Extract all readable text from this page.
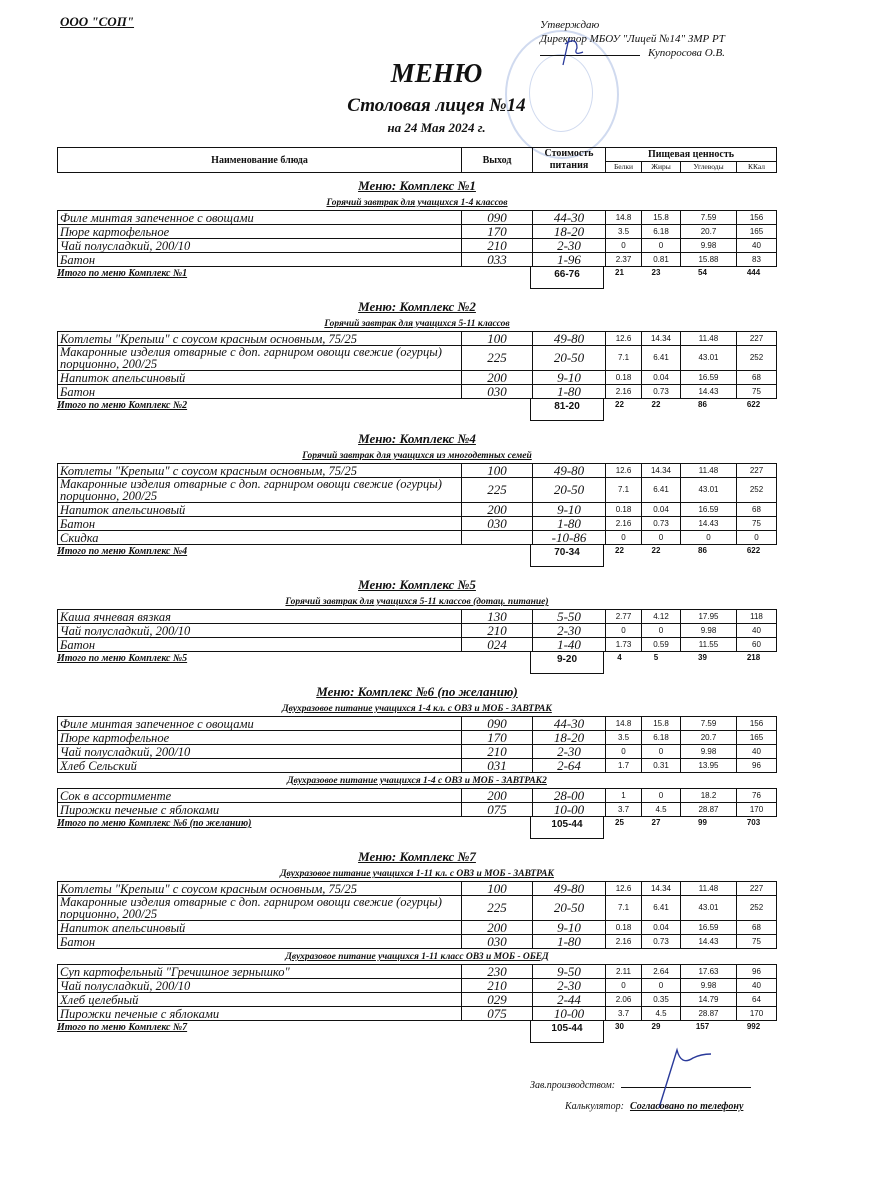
ООО "СОП"	Утверждаю
Директор МБОУ "Лицей №14" ЗМР РТ
Купоросова О.В.
МЕНЮ
Столовая лицея №14
на 24 Мая 2024 г.
Наименование блюда	Выход	Стоимость питания	Пищевая ценность			
			Белки	Жиры	Углеводы	ККал
Меню: Комплекс №1
Горячий завтрак для учащихся 1-4 классов
Филе минтая запеченное с овощами	090	44-30	14.8	15.8	7.59	156
Пюре картофельное	170	18-20	3.5	6.18	20.7	165
Чай полусладкий, 200/10	210	2-30	0	0	9.98	40
Батон	033	1-96	2.37	0.81	15.88	83
Итого по меню Комплекс №1	66-76	21	23	54	444
Меню: Комплекс №2
Горячий завтрак для учащихся 5-11 классов
Котлеты "Крепыш" с соусом красным основным, 75/25	100	49-80	12.6	14.34	11.48	227
Макаронные изделия отварные с доп. гарниром овощи свежие (огурцы) порционно, 200/25	225	20-50	7.1	6.41	43.01	252
Напиток апельсиновый	200	9-10	0.18	0.04	16.59	68
Батон	030	1-80	2.16	0.73	14.43	75
Итого по меню Комплекс №2	81-20	22	22	86	622
Меню: Комплекс №4
Горячий завтрак для учащихся из многодетных семей
Котлеты "Крепыш" с соусом красным основным, 75/25	100	49-80	12.6	14.34	11.48	227
Макаронные изделия отварные с доп. гарниром овощи свежие (огурцы) порционно, 200/25	225	20-50	7.1	6.41	43.01	252
Напиток апельсиновый	200	9-10	0.18	0.04	16.59	68
Батон	030	1-80	2.16	0.73	14.43	75
Скидка		-10-86	0	0	0	0
Итого по меню Комплекс №4	70-34	22	22	86	622
Меню: Комплекс №5
Горячий завтрак для учащихся 5-11 классов (дотац. питание)
Каша ячневая вязкая	130	5-50	2.77	4.12	17.95	118
Чай полусладкий, 200/10	210	2-30	0	0	9.98	40
Батон	024	1-40	1.73	0.59	11.55	60
Итого по меню Комплекс №5	9-20	4	5	39	218
Меню: Комплекс №6 (по желанию)
Двухразовое питание учащихся 1-4 кл. с ОВЗ и МОБ - ЗАВТРАК
Филе минтая запеченное с овощами	090	44-30	14.8	15.8	7.59	156
Пюре картофельное	170	18-20	3.5	6.18	20.7	165
Чай полусладкий, 200/10	210	2-30	0	0	9.98	40
Хлеб Сельский	031	2-64	1.7	0.31	13.95	96
Двухразовое питание учащихся 1-4 с ОВЗ и МОБ - ЗАВТРАК2
Сок в ассортименте	200	28-00	1	0	18.2	76
Пирожки печеные с яблоками	075	10-00	3.7	4.5	28.87	170
Итого по меню Комплекс №6 (по желанию)	105-44	25	27	99	703
Меню: Комплекс №7
Двухразовое питание учащихся 1-11 кл. с ОВЗ и МОБ - ЗАВТРАК
Котлеты "Крепыш" с соусом красным основным, 75/25	100	49-80	12.6	14.34	11.48	227
Макаронные изделия отварные с доп. гарниром овощи свежие (огурцы) порционно, 200/25	225	20-50	7.1	6.41	43.01	252
Напиток апельсиновый	200	9-10	0.18	0.04	16.59	68
Батон	030	1-80	2.16	0.73	14.43	75
Двухразовое питание учащихся 1-11 класс ОВЗ и МОБ - ОБЕД
Суп картофельный "Гречишное зернышко"	230	9-50	2.11	2.64	17.63	96
Чай полусладкий, 200/10	210	2-30	0	0	9.98	40
Хлеб целебный	029	2-44	2.06	0.35	14.79	64
Пирожки печеные с яблоками	075	10-00	3.7	4.5	28.87	170
Итого по меню Комплекс №7	105-44	30	29	157	992
Зав.производством:
Калькулятор: Согласовано по телефону
